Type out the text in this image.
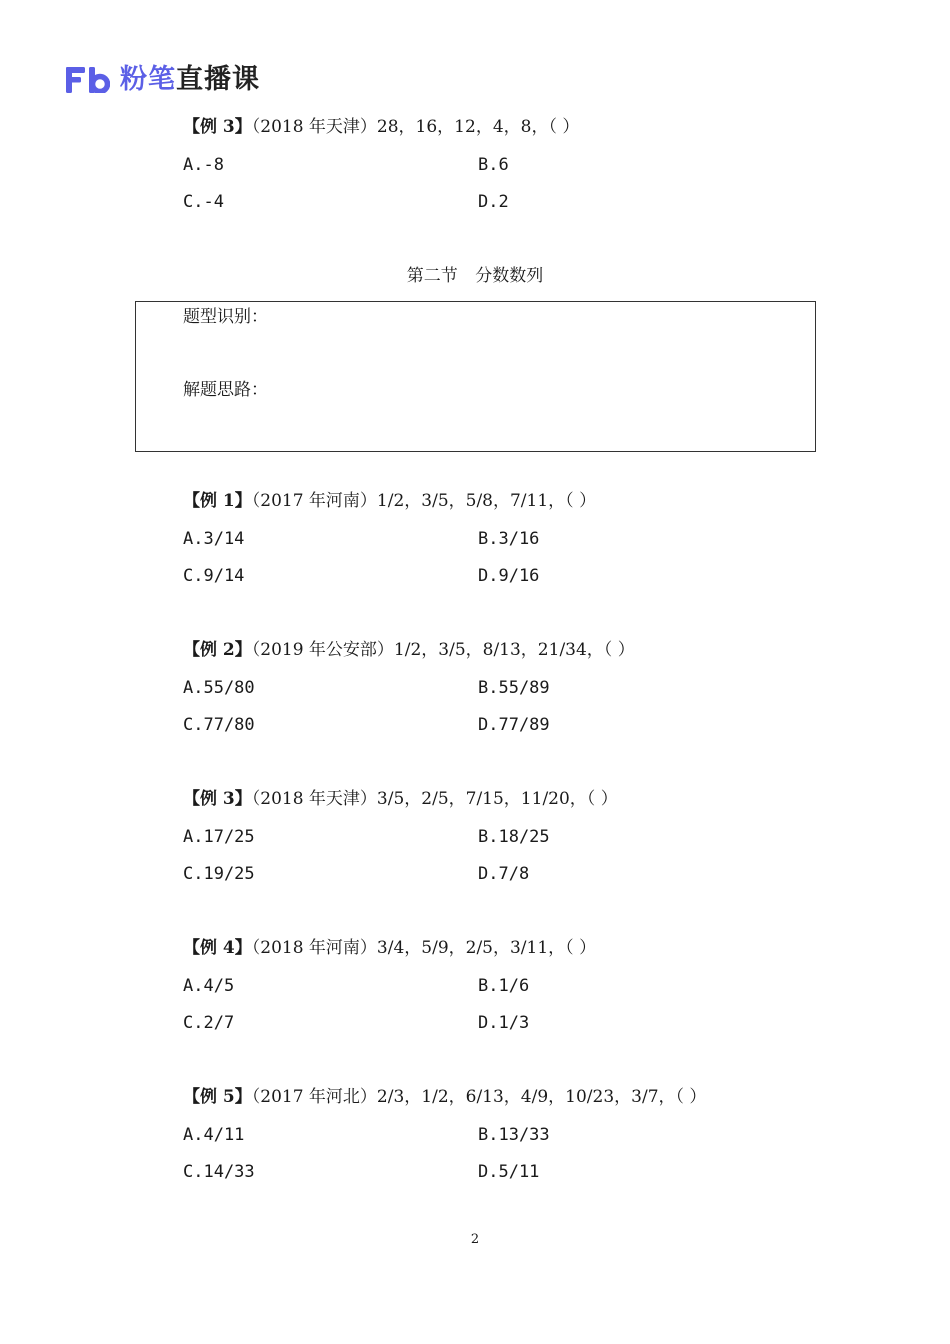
粉笔直播课
【例 3】（2018 年天津）28，16，12，4，8，（ ）
A.-8	B.6
C.-4	D.2
第二节 分数数列
题型识别：
解题思路：
【例 1】（2017 年河南）1/2，3/5，5/8，7/11，（ ）
A.3/14	B.3/16
C.9/14	D.9/16
【例 2】（2019 年公安部）1/2，3/5，8/13，21/34，（ ）
A.55/80	B.55/89
C.77/80	D.77/89
【例 3】（2018 年天津）3/5，2/5，7/15，11/20，（ ）
A.17/25	B.18/25
C.19/25	D.7/8
【例 4】（2018 年河南）3/4，5/9，2/5，3/11，（ ）
A.4/5	B.1/6
C.2/7	D.1/3
【例 5】（2017 年河北）2/3，1/2，6/13，4/9，10/23，3/7，（ ）
A.4/11	B.13/33
C.14/33	D.5/11
2
